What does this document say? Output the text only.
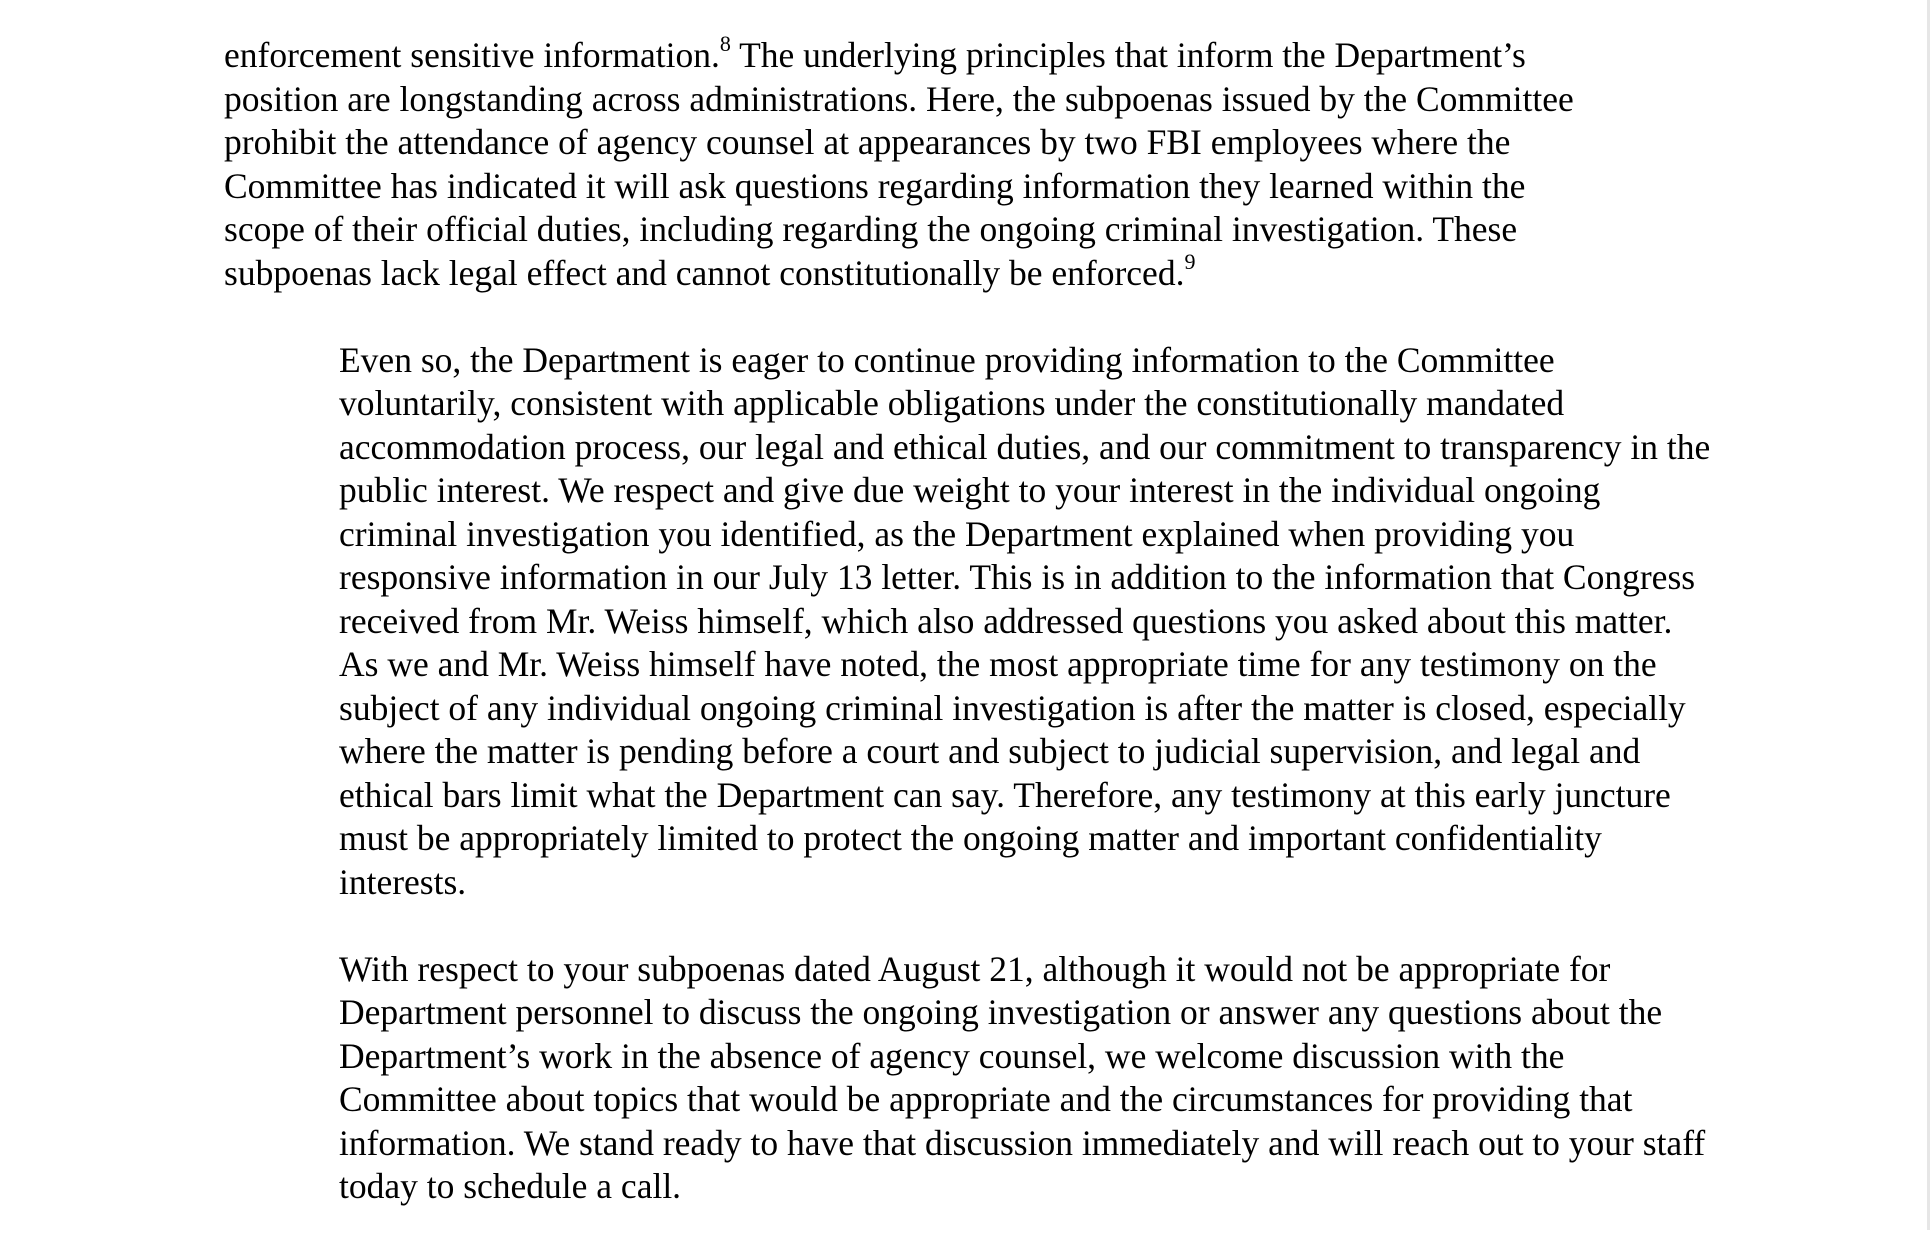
enforcement sensitive information.$^8$ The underlying principles that inform the Department’s
position are longstanding across administrations. Here, the subpoenas issued by the Committee
prohibit the attendance of agency counsel at appearances by two FBI employees where the
Committee has indicated it will ask questions regarding information they learned within the
scope of their official duties, including regarding the ongoing criminal investigation. These
subpoenas lack legal effect and cannot constitutionally be enforced.$^9$

Even so, the Department is eager to continue providing information to the Committee
voluntarily, consistent with applicable obligations under the constitutionally mandated
accommodation process, our legal and ethical duties, and our commitment to transparency in the
public interest. We respect and give due weight to your interest in the individual ongoing
criminal investigation you identified, as the Department explained when providing you
responsive information in our July 13 letter. This is in addition to the information that Congress
received from Mr. Weiss himself, which also addressed questions you asked about this matter.
As we and Mr. Weiss himself have noted, the most appropriate time for any testimony on the
subject of any individual ongoing criminal investigation is after the matter is closed, especially
where the matter is pending before a court and subject to judicial supervision, and legal and
ethical bars limit what the Department can say. Therefore, any testimony at this early juncture
must be appropriately limited to protect the ongoing matter and important confidentiality
interests.

With respect to your subpoenas dated August 21, although it would not be appropriate for
Department personnel to discuss the ongoing investigation or answer any questions about the
Department’s work in the absence of agency counsel, we welcome discussion with the
Committee about topics that would be appropriate and the circumstances for providing that
information. We stand ready to have that discussion immediately and will reach out to your staff
today to schedule a call.
